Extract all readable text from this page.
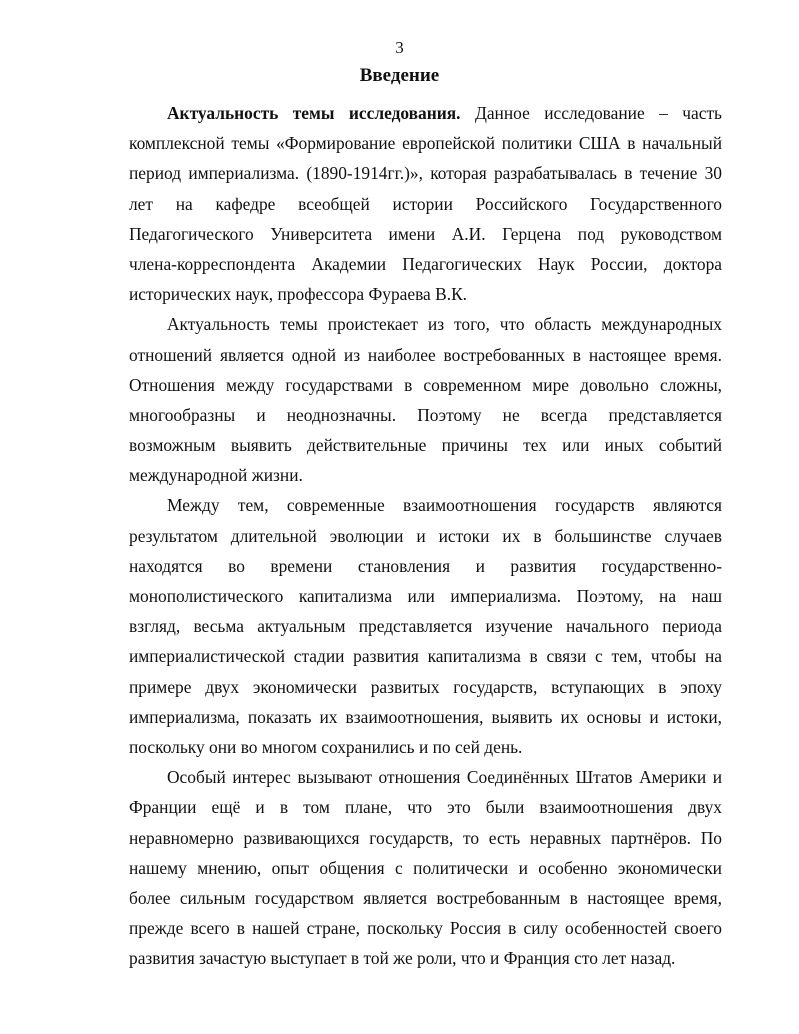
3
Введение
Актуальность темы исследования. Данное исследование – часть
комплексной темы «Формирование европейской политики США в начальный
период империализма. (1890-1914гг.)», которая разрабатывалась в течение 30
лет на кафедре всеобщей истории Российского Государственного
Педагогического Университета имени А.И. Герцена под руководством
члена-корреспондента Академии Педагогических Наук России, доктора
исторических наук, профессора Фураева В.К.
Актуальность темы проистекает из того, что область международных
отношений является одной из наиболее востребованных в настоящее время.
Отношения между государствами в современном мире довольно сложны,
многообразны и неоднозначны. Поэтому не всегда представляется
возможным выявить действительные причины тех или иных событий
международной жизни.
Между тем, современные взаимоотношения государств являются
результатом длительной эволюции и истоки их в большинстве случаев
находятся во времени становления и развития государственно-
монополистического капитализма или империализма. Поэтому, на наш
взгляд, весьма актуальным представляется изучение начального периода
империалистической стадии развития капитализма в связи с тем, чтобы на
примере двух экономически развитых государств, вступающих в эпоху
империализма, показать их взаимоотношения, выявить их основы и истоки,
поскольку они во многом сохранились и по сей день.
Особый интерес вызывают отношения Соединённых Штатов Америки и
Франции ещё и в том плане, что это были взаимоотношения двух
неравномерно развивающихся государств, то есть неравных партнёров. По
нашему мнению, опыт общения с политически и особенно экономически
более сильным государством является востребованным в настоящее время,
прежде всего в нашей стране, поскольку Россия в силу особенностей своего
развития зачастую выступает в той же роли, что и Франция сто лет назад.
